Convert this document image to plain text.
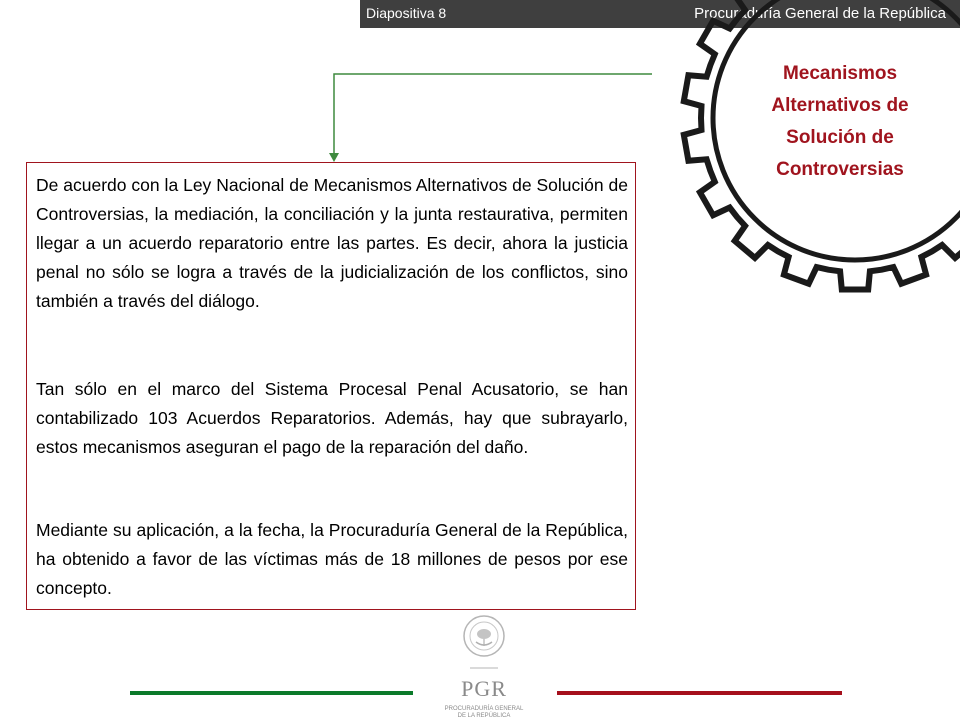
Diapositiva 8	Procuraduría General de la República
Mecanismos
Alternativos de
Solución de
Controversias

De acuerdo con la Ley Nacional de Mecanismos Alternativos de Solución de Controversias, la mediación, la conciliación y la junta restaurativa, permiten llegar a un acuerdo reparatorio entre las partes. Es decir, ahora la justicia penal no sólo se logra a través de la judicialización de los conflictos, sino también a través del diálogo.

Tan sólo en el marco del Sistema Procesal Penal Acusatorio, se han contabilizado 103 Acuerdos Reparatorios. Además, hay que subrayarlo, estos mecanismos aseguran el pago de la reparación del daño.

Mediante su aplicación, a la fecha, la Procuraduría General de la República, ha obtenido a favor de las víctimas más de 18 millones de pesos por ese concepto.

PGR
PROCURADURÍA GENERAL
DE LA REPÚBLICA
